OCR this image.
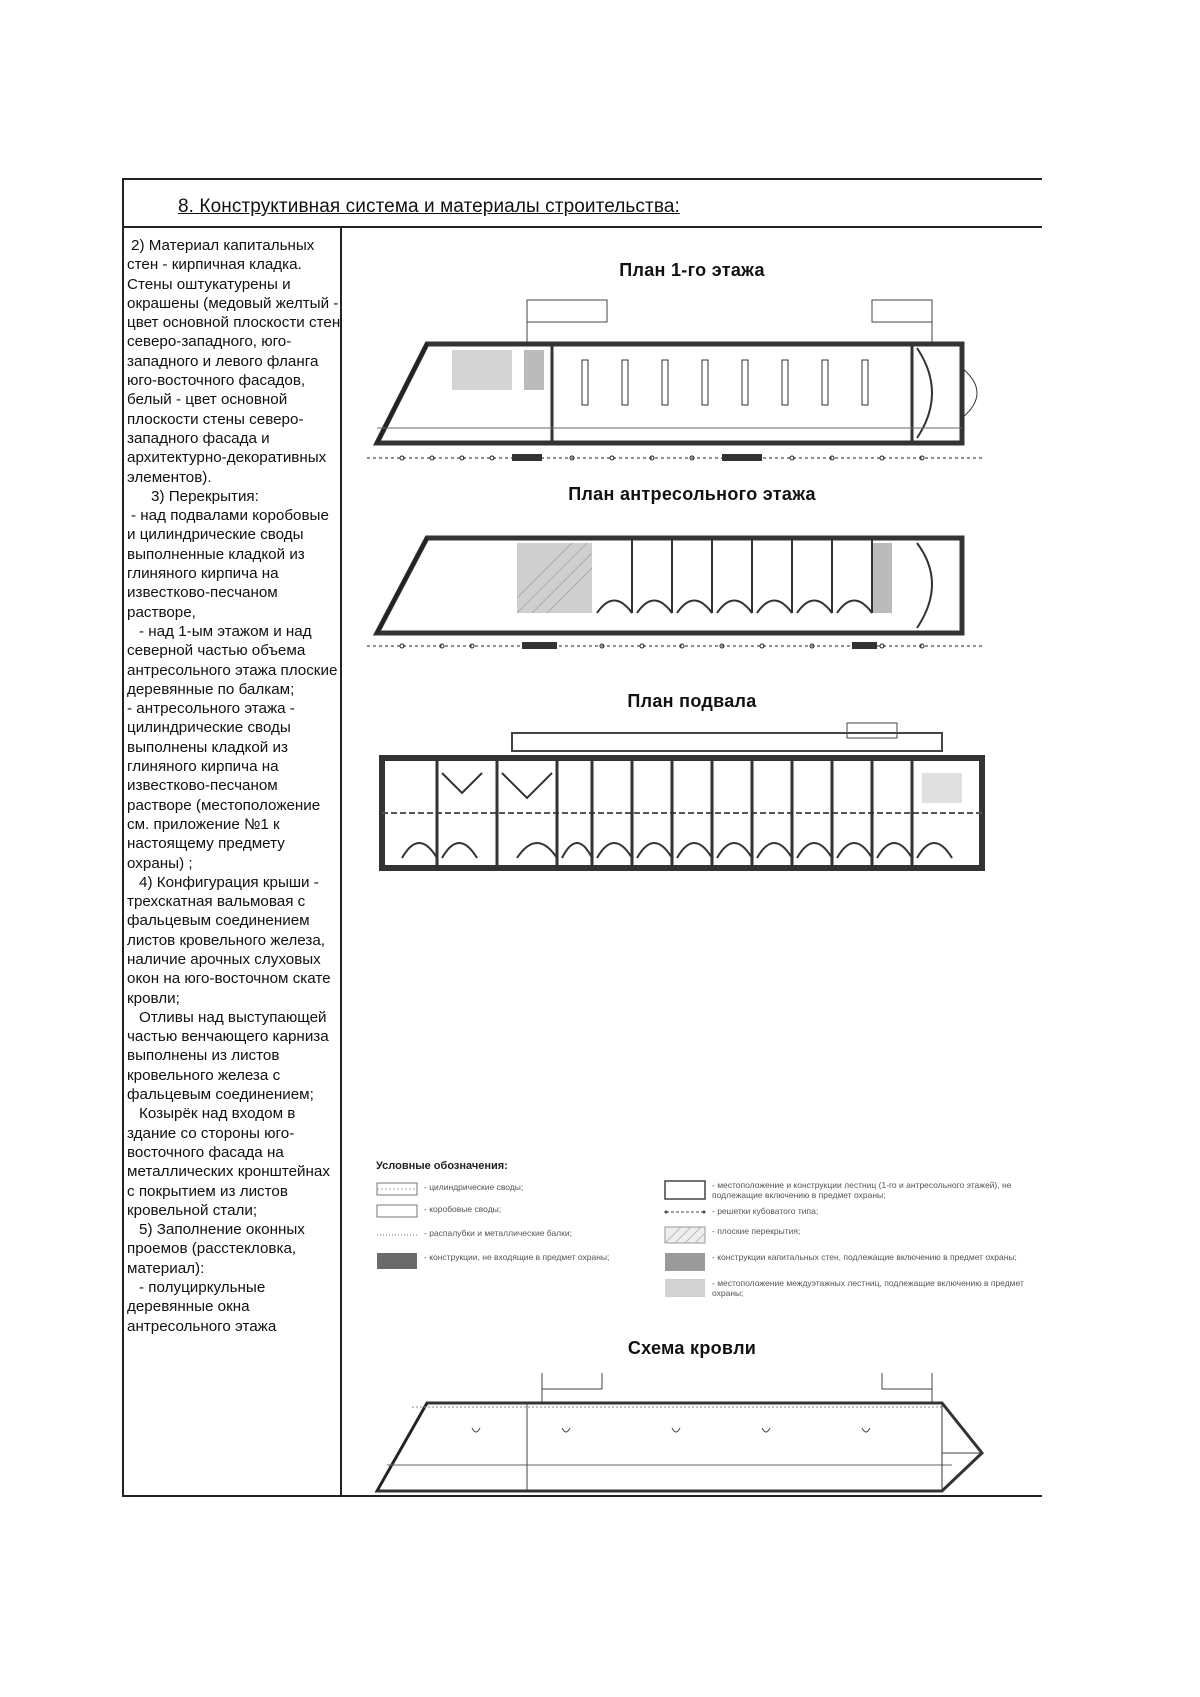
8. Конструктивная система и материалы строительства:

2) Материал капитальных стен - кирпичная кладка. Стены оштукатурены и окрашены (медовый желтый - цвет основной плоскости стен северо-западного, юго-западного и левого фланга юго-восточного фасадов, белый - цвет основной плоскости стены северо-западного фасада и архитектурно-декоративных элементов).

3) Перекрытия:

- над подвалами коробовые и цилиндрические своды выполненные кладкой из глиняного кирпича на известково-песчаном растворе,

- над 1-ым этажом и над северной частью объема антресольного этажа плоские деревянные по балкам;

- антресольного этажа - цилиндрические своды выполнены кладкой из глиняного кирпича на известково-песчаном растворе (местоположение см. приложение №1 к настоящему предмету охраны) ;

4) Конфигурация крыши - трехскатная вальмовая с фальцевым соединением листов кровельного железа, наличие арочных слуховых окон на юго-восточном скате кровли;

Отливы над выступающей частью венчающего карниза выполнены из листов кровельного железа с фальцевым соединением;

Козырёк над входом в здание со стороны юго-восточного фасада на металлических кронштейнах с покрытием из листов кровельной стали;

5) Заполнение оконных проемов (расстекловка, материал):

- полуциркульные деревянные окна антресольного этажа

План 1-го этажа
План антресольного этажа
План подвала
Условные обозначения:
- цилиндрические своды;
- коробовые своды;
- распалубки и металлические балки;
- конструкции, не входящие в предмет охраны;
- местоположение и конструкции лестниц (1-го и антресольного этажей), не подлежащие включению в предмет охраны;
- решетки кубоватого типа;
- плоские перекрытия;
- конструкции капитальных стен, подлежащие включению в предмет охраны;
- местоположение междуэтажных лестниц, подлежащие включению в предмет охраны;
Схема кровли
